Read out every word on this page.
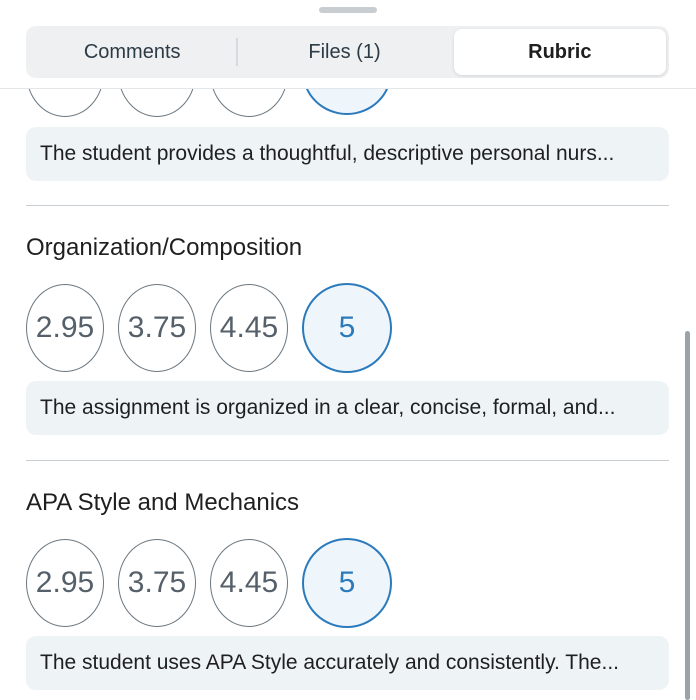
Comments	Files (1)	Rubric
The student provides a thoughtful, descriptive personal nurs...
Organization/Composition
2.95	3.75	4.45	5
The assignment is organized in a clear, concise, formal, and...
APA Style and Mechanics
2.95	3.75	4.45	5
The student uses APA Style accurately and consistently. The...
